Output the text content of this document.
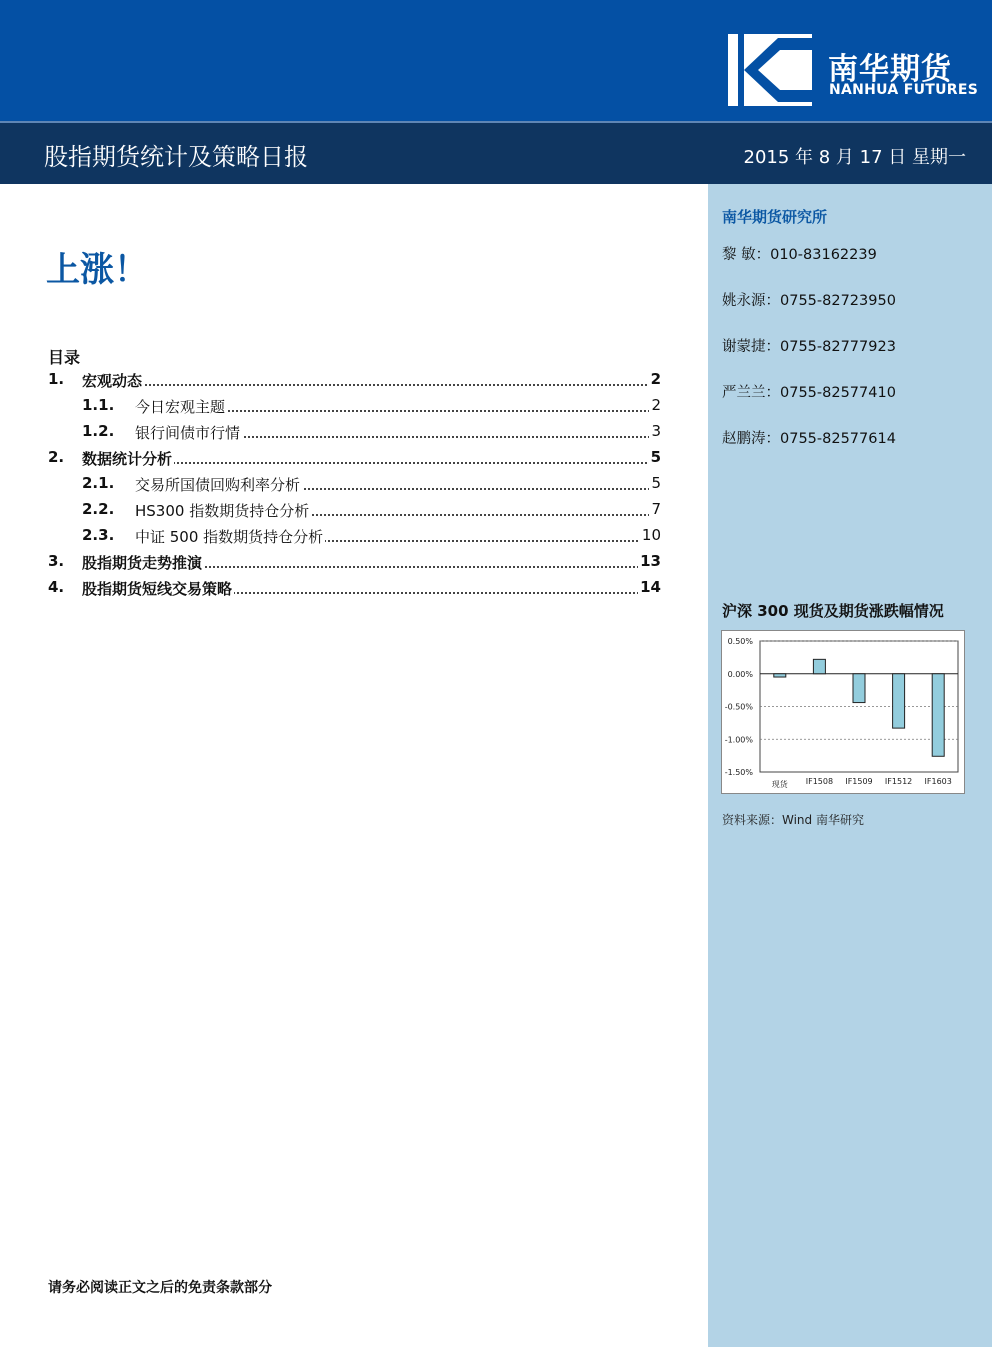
南华期货
NANHUA FUTURES
股指期货统计及策略日报	2015 年 8 月 17 日 星期一
上涨！
目录
1. 宏观动态	2
1.1. 今日宏观主题	2
1.2. 银行间债市行情	3
2. 数据统计分析	5
2.1. 交易所国债回购利率分析	5
2.2. HS300 指数期货持仓分析	7
2.3. 中证 500 指数期货持仓分析	10
3. 股指期货走势推演	13
4. 股指期货短线交易策略	14
请务必阅读正文之后的免责条款部分
南华期货研究所
黎 敏：010-83162239
姚永源：0755-82723950
谢蒙捷：0755-82777923
严兰兰：0755-82577410
赵鹏涛：0755-82577614
沪深 300 现货及期货涨跌幅情况
0.50%
0.00%
-0.50%
-1.00%
-1.50%
现货 IF1508 IF1509 IF1512 IF1603
资料来源：Wind 南华研究
